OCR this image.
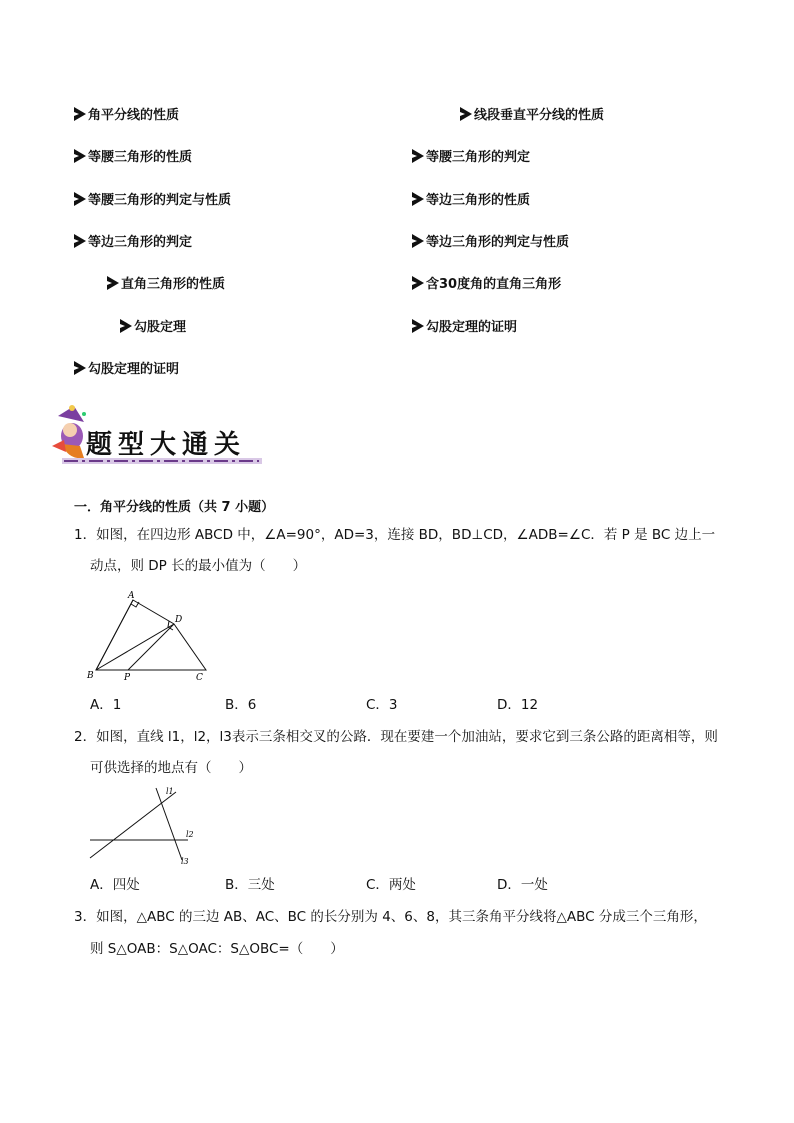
角平分线的性质	线段垂直平分线的性质
等腰三角形的性质	等腰三角形的判定
等腰三角形的判定与性质	等边三角形的性质
等边三角形的判定	等边三角形的判定与性质
直角三角形的性质	含30度角的直角三角形
勾股定理	勾股定理的证明
勾股定理的证明
题型大通关
一．角平分线的性质（共 7 小题）
1．如图，在四边形 ABCD 中，∠A=90°，AD=3，连接 BD，BD⊥CD，∠ADB=∠C．若 P 是 BC 边上一
动点，则 DP 长的最小值为（　　）
A
B	C
D
P
A．1	B．6	C．3	D．12
2．如图，直线 l1，l2，l3表示三条相交叉的公路．现在要建一个加油站，要求它到三条公路的距离相等，则
可供选择的地点有（　　）
l1
l2
l3
A．四处	B．三处	C．两处	D．一处
3．如图，△ABC 的三边 AB、AC、BC 的长分别为 4、6、8，其三条角平分线将△ABC 分成三个三角形，
则 S△OAB：S△OAC：S△OBC=（　　）
